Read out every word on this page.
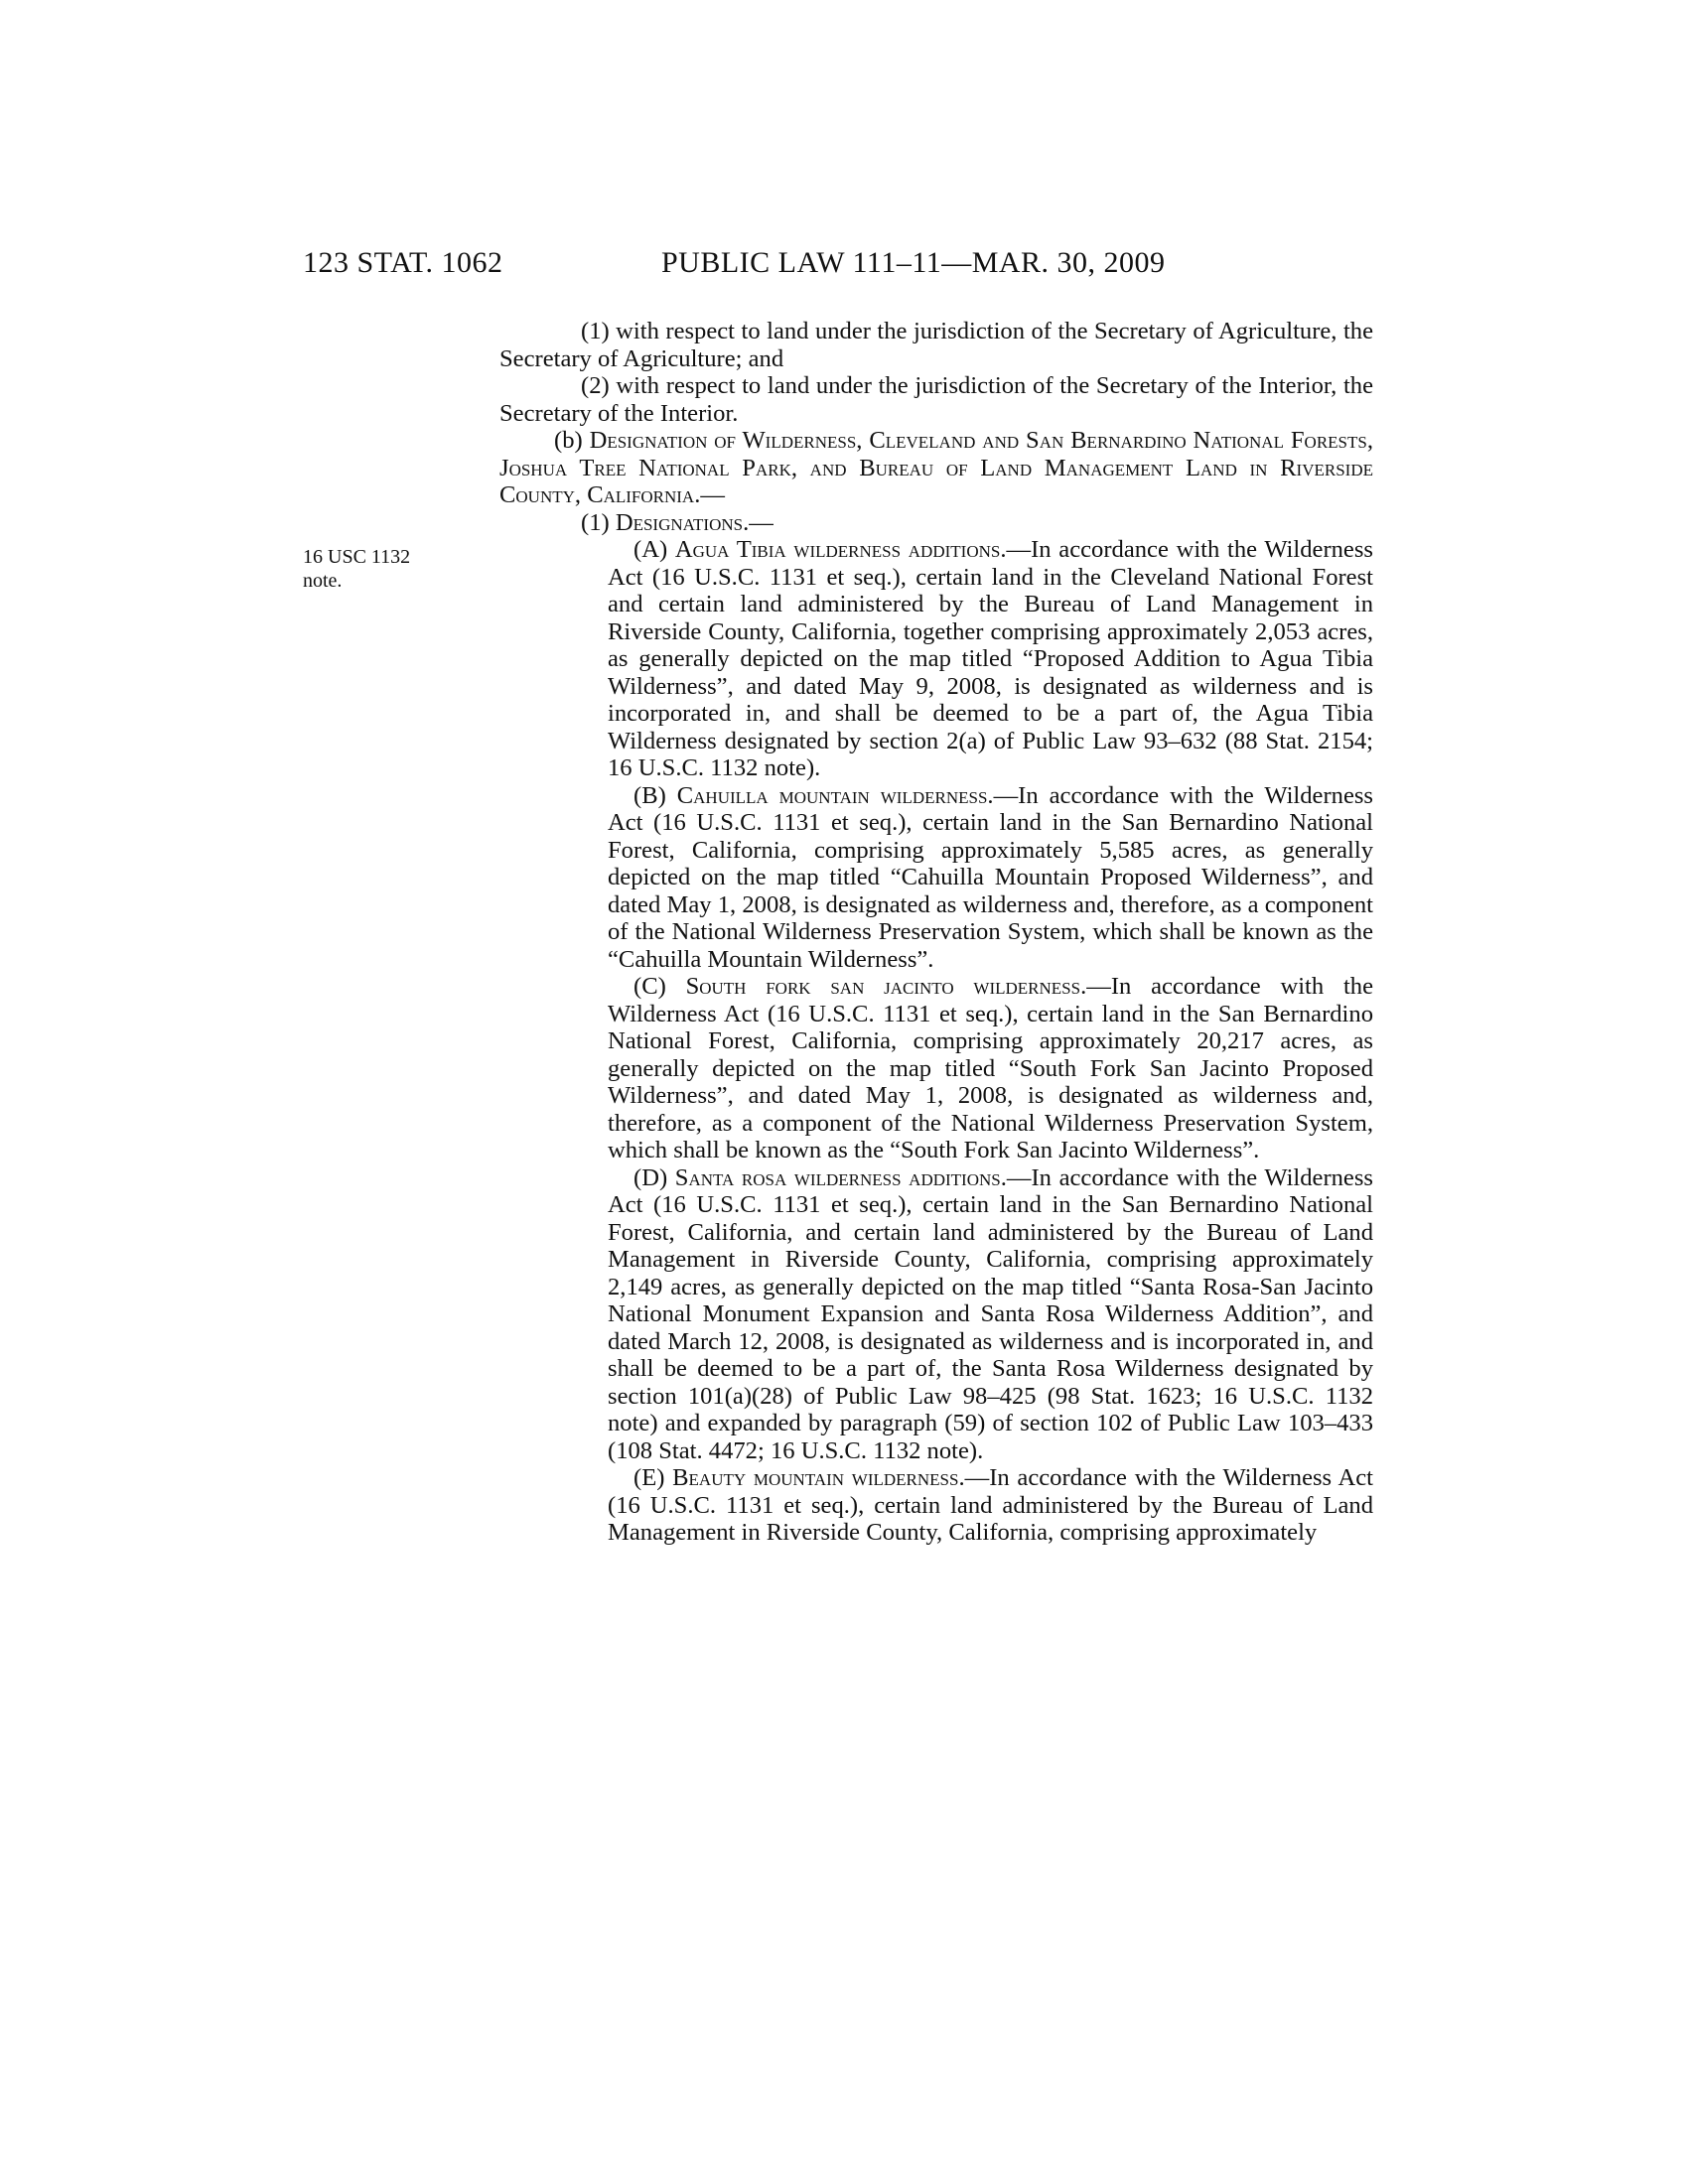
123 STAT. 1062	PUBLIC LAW 111–11—MAR. 30, 2009
16 USC 1132
note.

(1) with respect to land under the jurisdiction of the Secretary of Agriculture, the Secretary of Agriculture; and

(2) with respect to land under the jurisdiction of the Secretary of the Interior, the Secretary of the Interior.

(b) Designation of Wilderness, Cleveland and San Bernardino National Forests, Joshua Tree National Park, and Bureau of Land Management Land in Riverside County, California.—

(1) Designations.—

(A) Agua Tibia wilderness additions.—In accordance with the Wilderness Act (16 U.S.C. 1131 et seq.), certain land in the Cleveland National Forest and certain land administered by the Bureau of Land Management in Riverside County, California, together comprising approximately 2,053 acres, as generally depicted on the map titled “Proposed Addition to Agua Tibia Wilderness”, and dated May 9, 2008, is designated as wilderness and is incorporated in, and shall be deemed to be a part of, the Agua Tibia Wilderness designated by section 2(a) of Public Law 93–632 (88 Stat. 2154; 16 U.S.C. 1132 note).

(B) Cahuilla mountain wilderness.—In accordance with the Wilderness Act (16 U.S.C. 1131 et seq.), certain land in the San Bernardino National Forest, California, comprising approximately 5,585 acres, as generally depicted on the map titled “Cahuilla Mountain Proposed Wilderness”, and dated May 1, 2008, is designated as wilderness and, therefore, as a component of the National Wilderness Preservation System, which shall be known as the “Cahuilla Mountain Wilderness”.

(C) South fork san jacinto wilderness.—In accordance with the Wilderness Act (16 U.S.C. 1131 et seq.), certain land in the San Bernardino National Forest, California, comprising approximately 20,217 acres, as generally depicted on the map titled “South Fork San Jacinto Proposed Wilderness”, and dated May 1, 2008, is designated as wilderness and, therefore, as a component of the National Wilderness Preservation System, which shall be known as the “South Fork San Jacinto Wilderness”.

(D) Santa rosa wilderness additions.—In accordance with the Wilderness Act (16 U.S.C. 1131 et seq.), certain land in the San Bernardino National Forest, California, and certain land administered by the Bureau of Land Management in Riverside County, California, comprising approximately 2,149 acres, as generally depicted on the map titled “Santa Rosa-San Jacinto National Monument Expansion and Santa Rosa Wilderness Addition”, and dated March 12, 2008, is designated as wilderness and is incorporated in, and shall be deemed to be a part of, the Santa Rosa Wilderness designated by section 101(a)(28) of Public Law 98–425 (98 Stat. 1623; 16 U.S.C. 1132 note) and expanded by paragraph (59) of section 102 of Public Law 103–433 (108 Stat. 4472; 16 U.S.C. 1132 note).

(E) Beauty mountain wilderness.—In accordance with the Wilderness Act (16 U.S.C. 1131 et seq.), certain land administered by the Bureau of Land Management in Riverside County, California, comprising approximately
